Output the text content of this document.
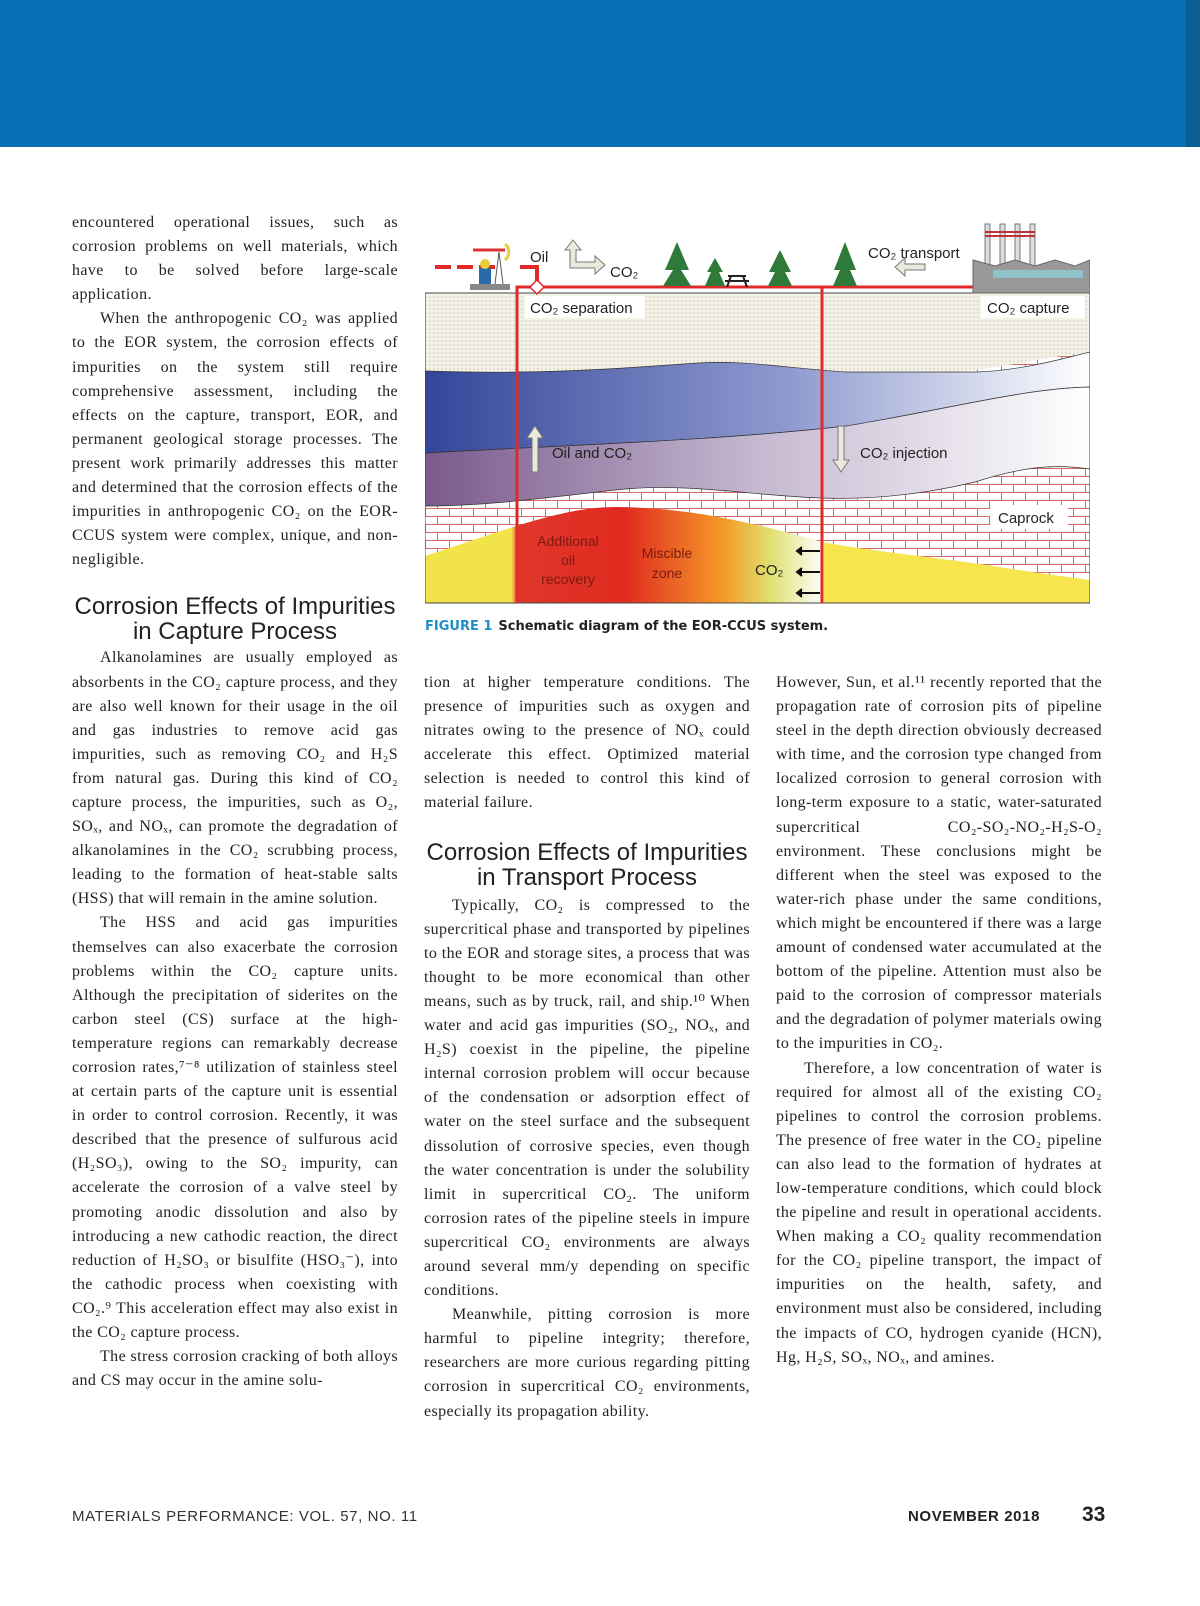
encountered operational issues, such as corrosion problems on well materials, which have to be solved before large-scale application.

When the anthropogenic CO₂ was applied to the EOR system, the corrosion effects of impurities on the system still require comprehensive assessment, including the effects on the capture, transport, EOR, and permanent geological storage processes. The present work primarily addresses this matter and determined that the corrosion effects of the impurities in anthropogenic CO₂ on the EOR-CCUS system were complex, unique, and non-negligible.

Corrosion Effects of Impurities in Capture Process

Alkanolamines are usually employed as absorbents in the CO₂ capture process, and they are also well known for their usage in the oil and gas industries to remove acid gas impurities, such as removing CO₂ and H₂S from natural gas. During this kind of CO₂ capture process, the impurities, such as O₂, SOₓ, and NOₓ, can promote the degradation of alkanolamines in the CO₂ scrubbing process, leading to the formation of heat-stable salts (HSS) that will remain in the amine solution.

The HSS and acid gas impurities themselves can also exacerbate the corrosion problems within the CO₂ capture units. Although the precipitation of siderites on the carbon steel (CS) surface at the high-temperature regions can remarkably decrease corrosion rates,⁷⁻⁸ utilization of stainless steel at certain parts of the capture unit is essential in order to control corrosion. Recently, it was described that the presence of sulfurous acid (H₂SO₃), owing to the SO₂ impurity, can accelerate the corrosion of a valve steel by promoting anodic dissolution and also by introducing a new cathodic reaction, the direct reduction of H₂SO₃ or bisulfite (HSO₃⁻), into the cathodic process when coexisting with CO₂.⁹ This acceleration effect may also exist in the CO₂ capture process.

The stress corrosion cracking of both alloys and CS may occur in the amine solu-

tion at higher temperature conditions. The presence of impurities such as oxygen and nitrates owing to the presence of NOₓ could accelerate this effect. Optimized material selection is needed to control this kind of material failure.

Corrosion Effects of Impurities in Transport Process

Typically, CO₂ is compressed to the supercritical phase and transported by pipelines to the EOR and storage sites, a process that was thought to be more economical than other means, such as by truck, rail, and ship.¹⁰ When water and acid gas impurities (SO₂, NOₓ, and H₂S) coexist in the pipeline, the pipeline internal corrosion problem will occur because of the condensation or adsorption effect of water on the steel surface and the subsequent dissolution of corrosive species, even though the water concentration is under the solubility limit in supercritical CO₂. The uniform corrosion rates of the pipeline steels in impure supercritical CO₂ environments are always around several mm/y depending on specific conditions.

Meanwhile, pitting corrosion is more harmful to pipeline integrity; therefore, researchers are more curious regarding pitting corrosion in supercritical CO₂ environments, especially its propagation ability.

However, Sun, et al.¹¹ recently reported that the propagation rate of corrosion pits of pipeline steel in the depth direction obviously decreased with time, and the corrosion type changed from localized corrosion to general corrosion with long-term exposure to a static, water-saturated supercritical CO₂-SO₂-NO₂-H₂S-O₂ environment. These conclusions might be different when the steel was exposed to the water-rich phase under the same conditions, which might be encountered if there was a large amount of condensed water accumulated at the bottom of the pipeline. Attention must also be paid to the corrosion of compressor materials and the degradation of polymer materials owing to the impurities in CO₂.

Therefore, a low concentration of water is required for almost all of the existing CO₂ pipelines to control the corrosion problems. The presence of free water in the CO₂ pipeline can also lead to the formation of hydrates at low-temperature conditions, which could block the pipeline and result in operational accidents. When making a CO₂ quality recommendation for the CO₂ pipeline transport, the impact of impurities on the health, safety, and environment must also be considered, including the impacts of CO, hydrogen cyanide (HCN), Hg, H₂S, SOₓ, NOₓ, and amines.

Oil
CO₂
CO₂ separation
CO₂ transport
CO₂ capture
Oil and CO₂	CO₂ injection
Caprock
Additional
oil
recovery
Miscible
zone	CO₂
FIGURE 1 Schematic diagram of the EOR-CCUS system.
MATERIALS PERFORMANCE: VOL. 57, NO. 11	NOVEMBER 2018 33
